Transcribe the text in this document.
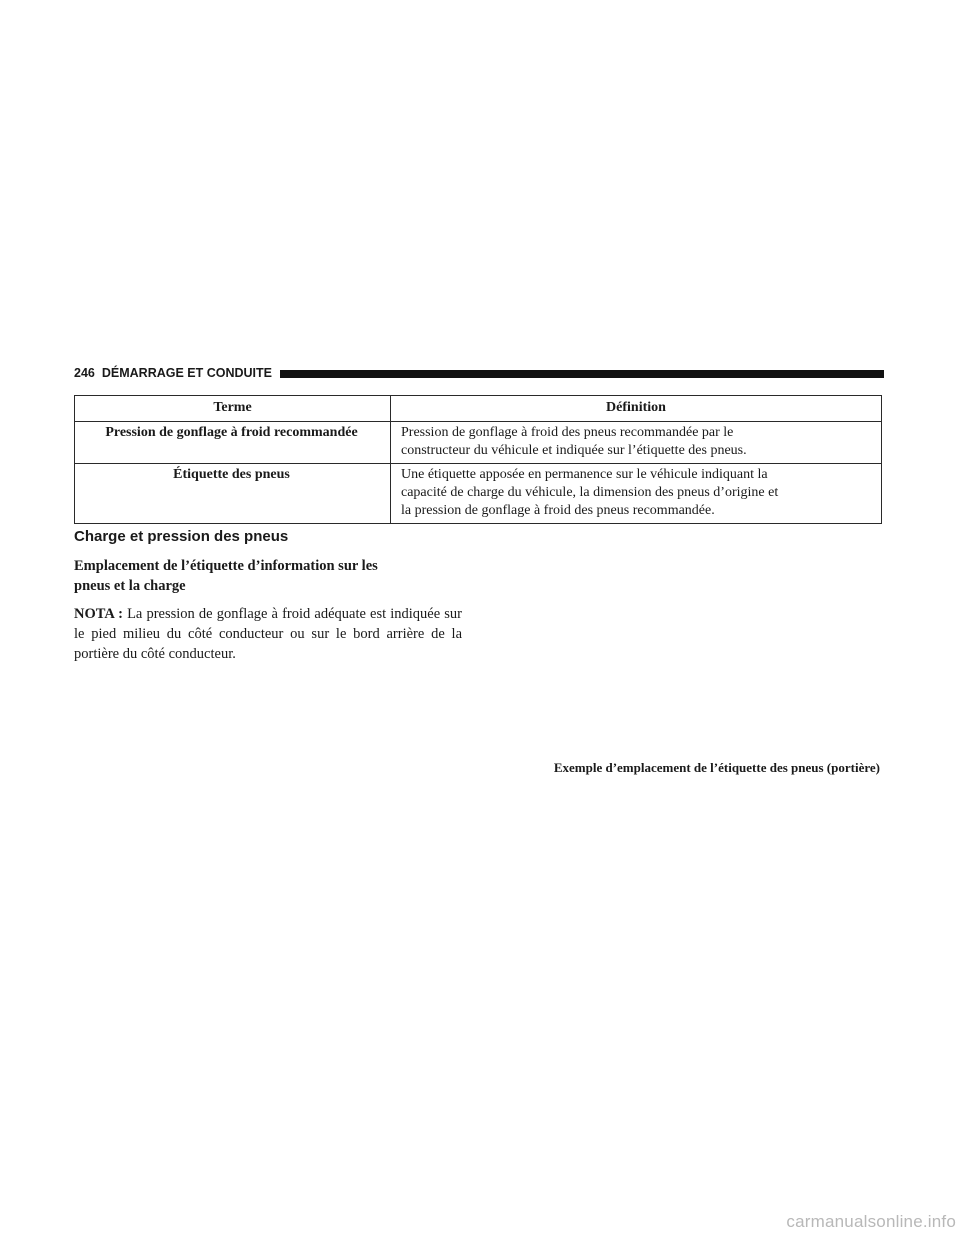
246 DÉMARRAGE ET CONDUITE
Terme	Définition
Pression de gonflage à froid recommandée	Pression de gonflage à froid des pneus recommandée par le
constructeur du véhicule et indiquée sur l’étiquette des pneus.

Étiquette des pneus	Une étiquette apposée en permanence sur le véhicule indiquant la
capacité de charge du véhicule, la dimension des pneus d’origine et
la pression de gonflage à froid des pneus recommandée.
Charge et pression des pneus
Emplacement de l’étiquette d’information sur les
pneus et la charge

NOTA : La pression de gonflage à froid adéquate est indiquée sur le pied milieu du côté conducteur ou sur le bord arrière de la portière du côté conducteur.

Exemple d’emplacement de l’étiquette des pneus (portière)

carmanualsonline.info
